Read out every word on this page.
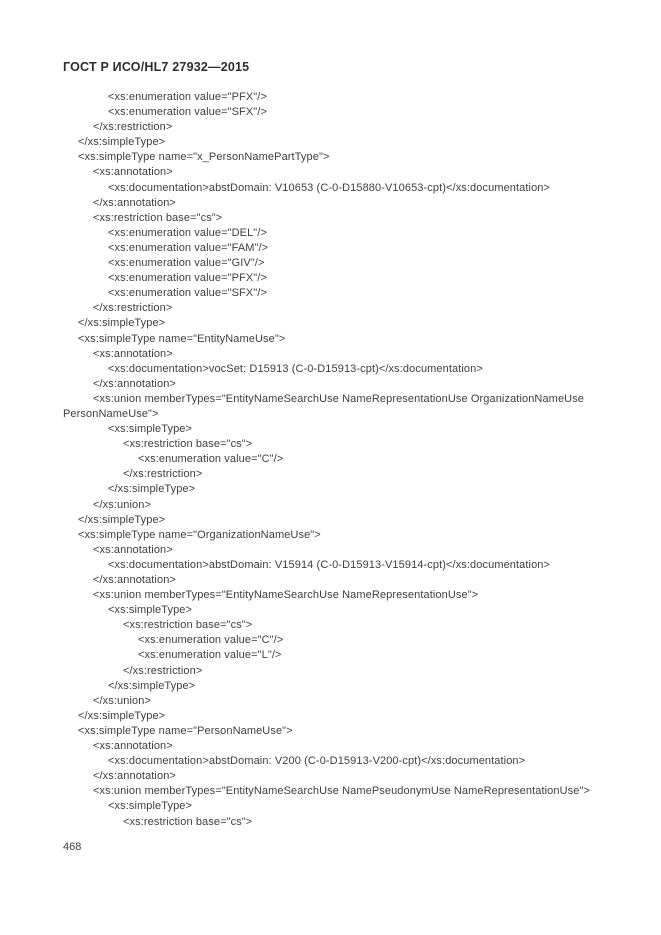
ГОСТ Р ИСО/HL7 27932—2015
<xs:enumeration value="PFX"/>
<xs:enumeration value="SFX"/>
</xs:restriction>
</xs:simpleType>
<xs:simpleType name="x_PersonNamePartType">
<xs:annotation>
<xs:documentation>abstDomain: V10653 (C-0-D15880-V10653-cpt)</xs:documentation>
</xs:annotation>
<xs:restriction base="cs">
<xs:enumeration value="DEL"/>
<xs:enumeration value="FAM"/>
<xs:enumeration value="GIV"/>
<xs:enumeration value="PFX"/>
<xs:enumeration value="SFX"/>
</xs:restriction>
</xs:simpleType>
<xs:simpleType name="EntityNameUse">
<xs:annotation>
<xs:documentation>vocSet: D15913 (C-0-D15913-cpt)</xs:documentation>
</xs:annotation>
<xs:union memberTypes="EntityNameSearchUse NameRepresentationUse OrganizationNameUse
PersonNameUse">
<xs:simpleType>
<xs:restriction base="cs">
<xs:enumeration value="C"/>
</xs:restriction>
</xs:simpleType>
</xs:union>
</xs:simpleType>
<xs:simpleType name="OrganizationNameUse">
<xs:annotation>
<xs:documentation>abstDomain: V15914 (C-0-D15913-V15914-cpt)</xs:documentation>
</xs:annotation>
<xs:union memberTypes="EntityNameSearchUse NameRepresentationUse">
<xs:simpleType>
<xs:restriction base="cs">
<xs:enumeration value="C"/>
<xs:enumeration value="L"/>
</xs:restriction>
</xs:simpleType>
</xs:union>
</xs:simpleType>
<xs:simpleType name="PersonNameUse">
<xs:annotation>
<xs:documentation>abstDomain: V200 (C-0-D15913-V200-cpt)</xs:documentation>
</xs:annotation>
<xs:union memberTypes="EntityNameSearchUse NamePseudonymUse NameRepresentationUse">
<xs:simpleType>
<xs:restriction base="cs">
468
